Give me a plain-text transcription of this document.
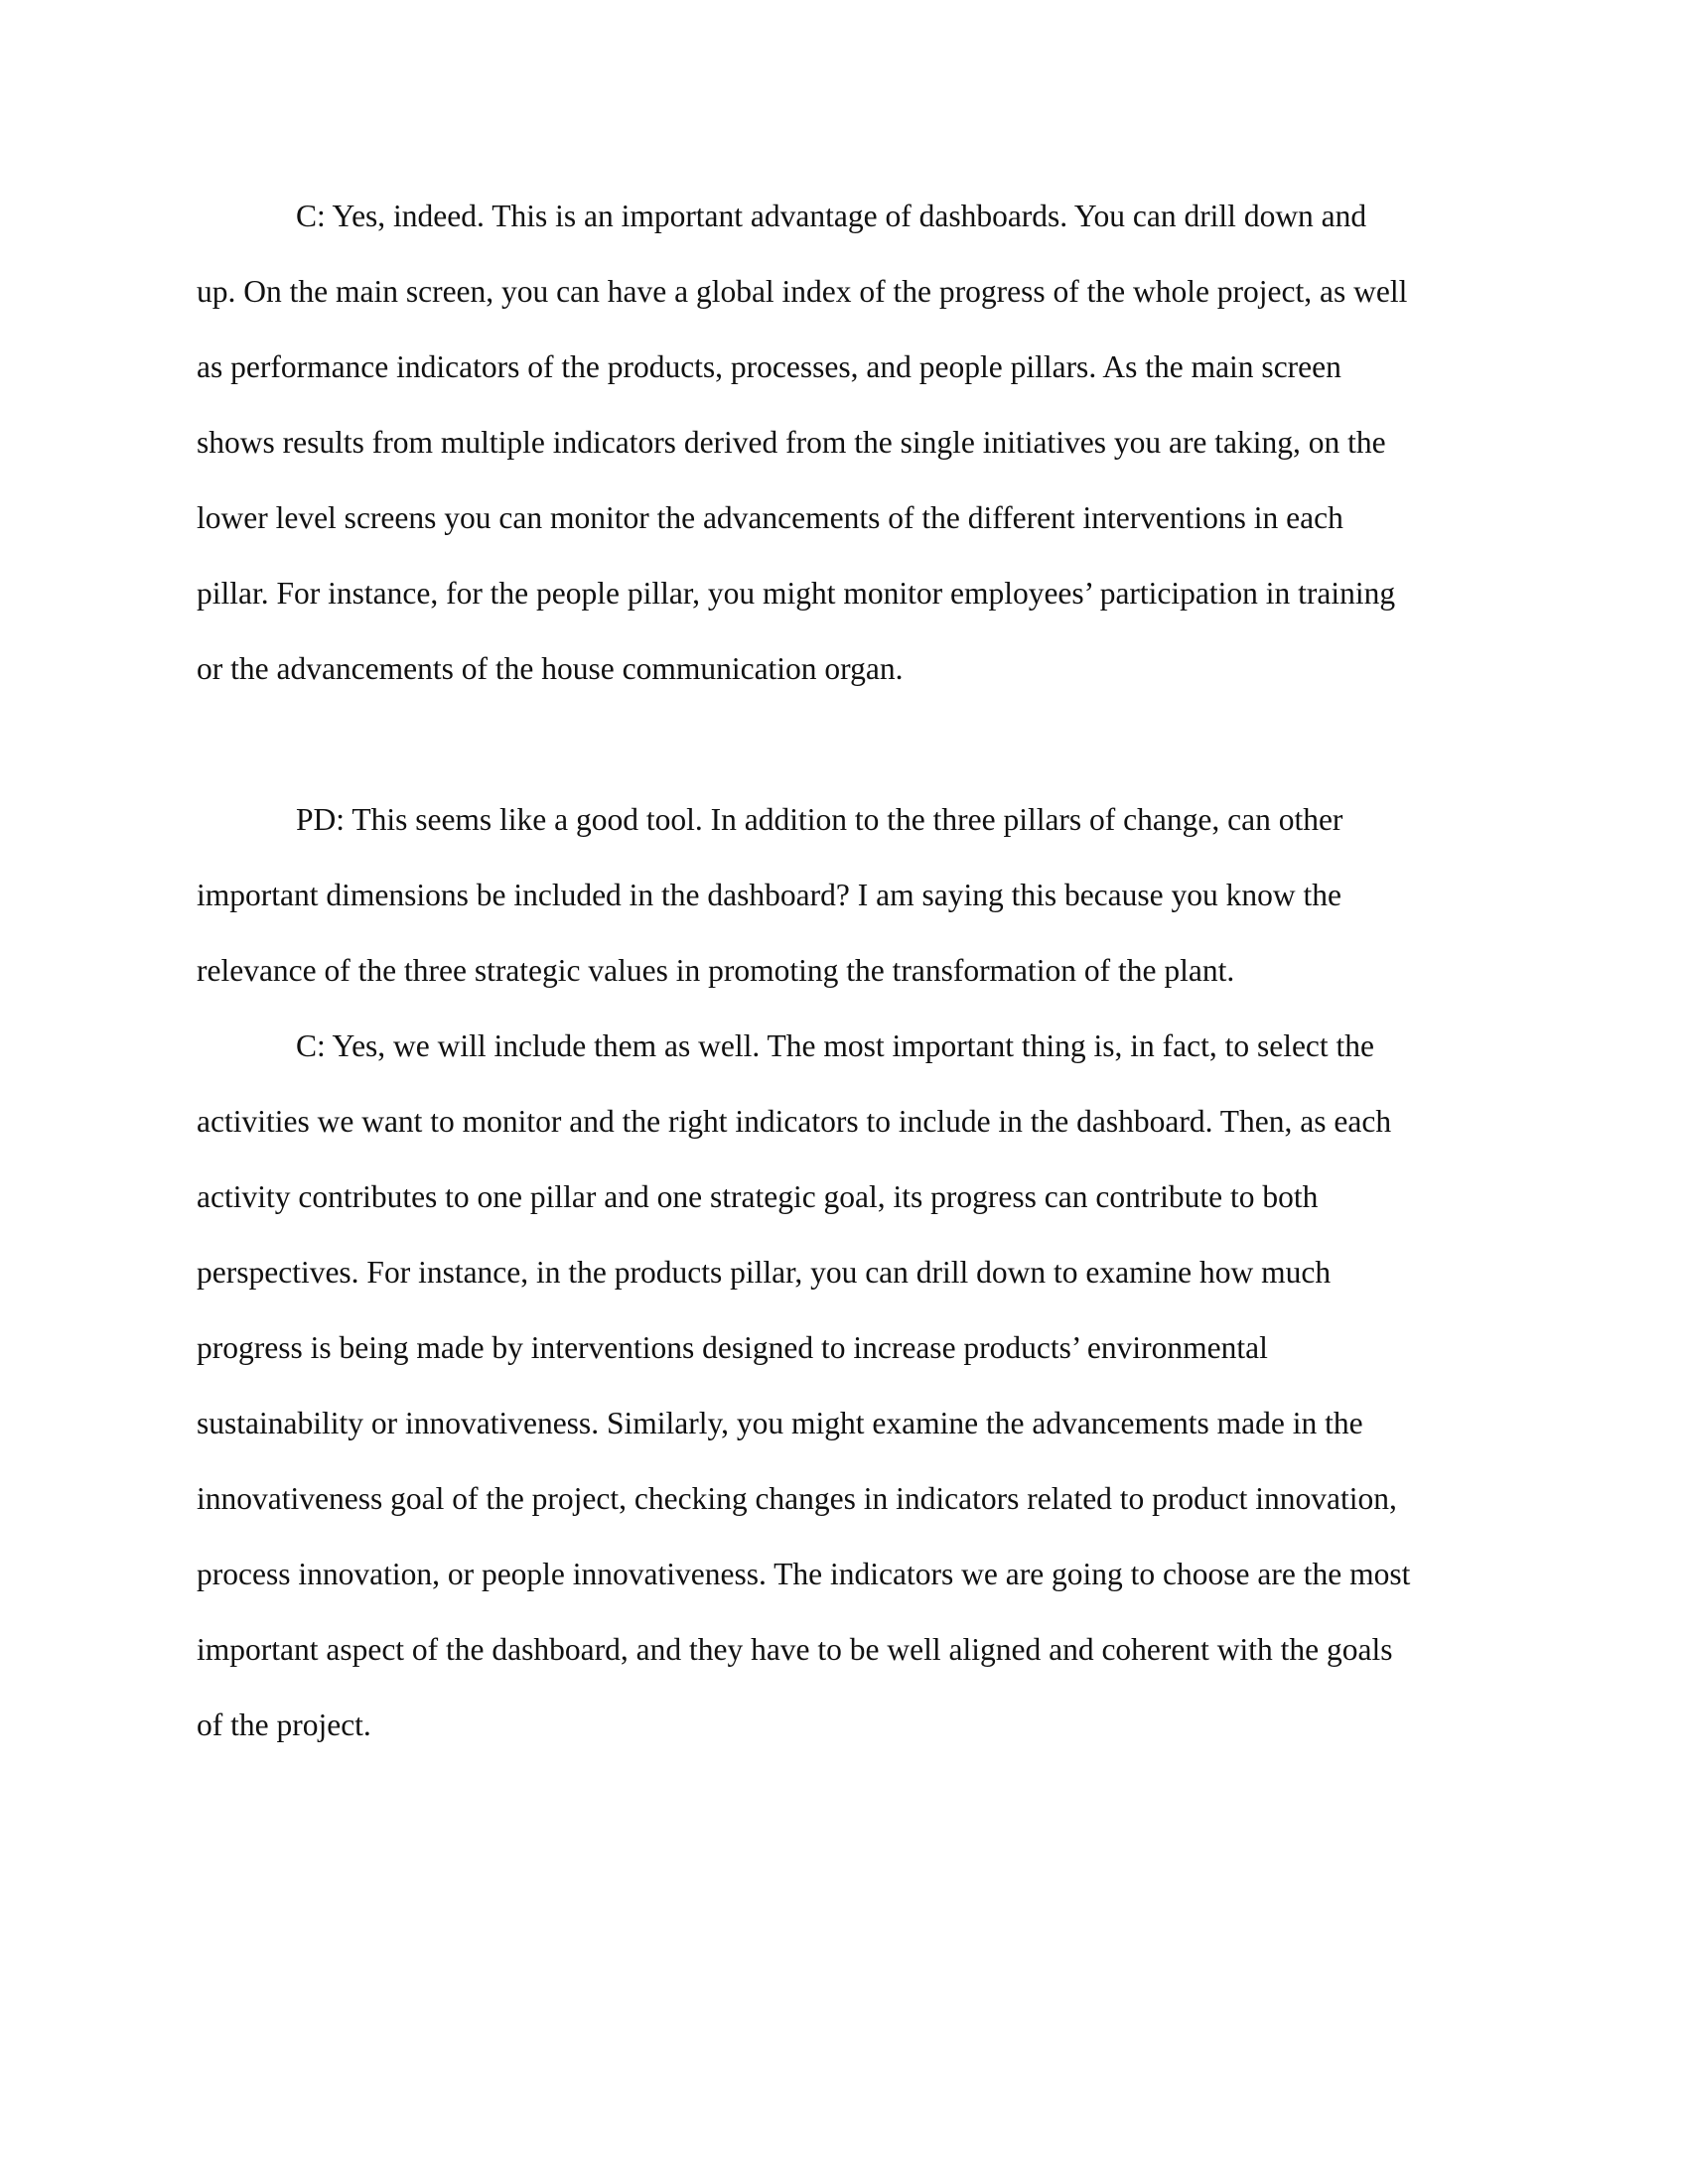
C: Yes, indeed. This is an important advantage of dashboards. You can drill down and
up. On the main screen, you can have a global index of the progress of the whole project, as well
as performance indicators of the products, processes, and people pillars. As the main screen
shows results from multiple indicators derived from the single initiatives you are taking, on the
lower level screens you can monitor the advancements of the different interventions in each
pillar. For instance, for the people pillar, you might monitor employees’ participation in training
or the advancements of the house communication organ.
PD: This seems like a good tool. In addition to the three pillars of change, can other
important dimensions be included in the dashboard? I am saying this because you know the
relevance of the three strategic values in promoting the transformation of the plant.
C: Yes, we will include them as well. The most important thing is, in fact, to select the
activities we want to monitor and the right indicators to include in the dashboard. Then, as each
activity contributes to one pillar and one strategic goal, its progress can contribute to both
perspectives. For instance, in the products pillar, you can drill down to examine how much
progress is being made by interventions designed to increase products’ environmental
sustainability or innovativeness. Similarly, you might examine the advancements made in the
innovativeness goal of the project, checking changes in indicators related to product innovation,
process innovation, or people innovativeness. The indicators we are going to choose are the most
important aspect of the dashboard, and they have to be well aligned and coherent with the goals
of the project.
